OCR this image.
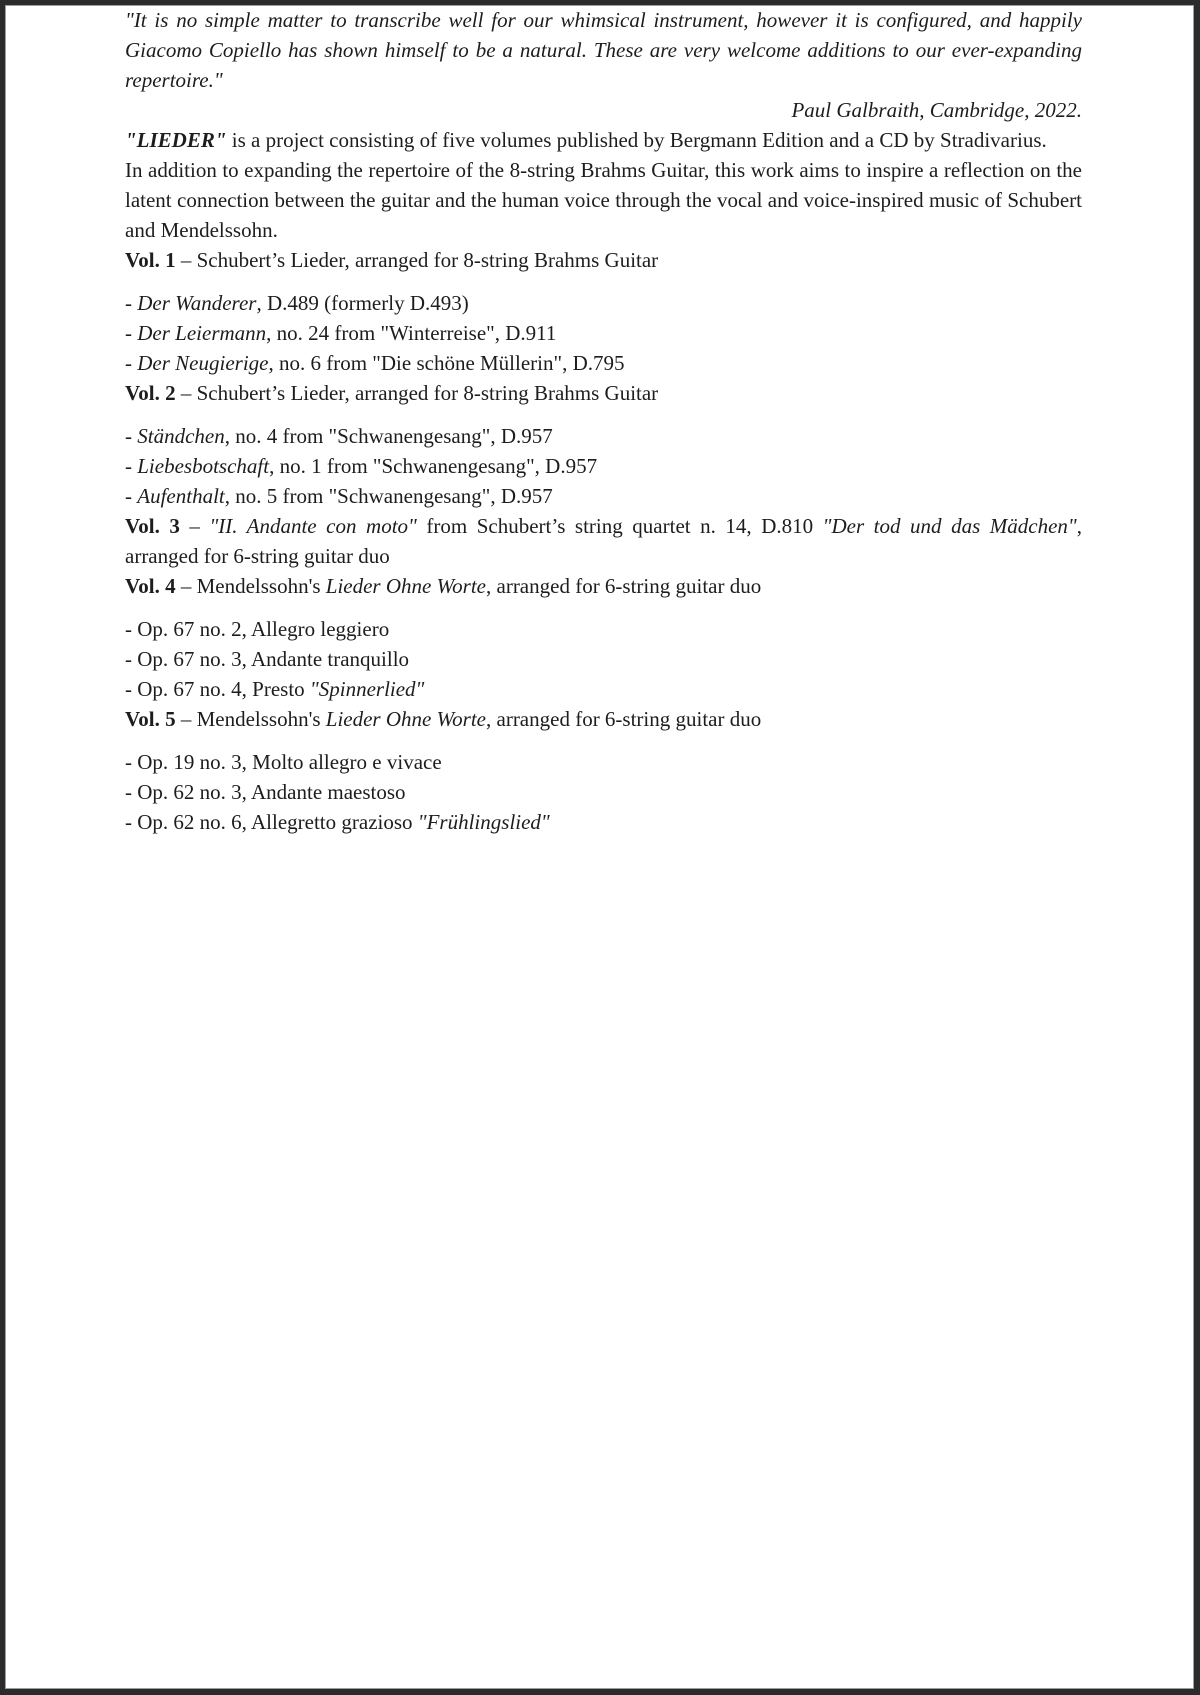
"It is no simple matter to transcribe well for our whimsical instrument, however it is configured, and happily Giacomo Copiello has shown himself to be a natural. These are very welcome additions to our ever-expanding repertoire."

Paul Galbraith, Cambridge, 2022.

"LIEDER" is a project consisting of five volumes published by Bergmann Edition and a CD by Stradivarius.

In addition to expanding the repertoire of the 8-string Brahms Guitar, this work aims to inspire a reflection on the latent connection between the guitar and the human voice through the vocal and voice-inspired music of Schubert and Mendelssohn.

Vol. 1 – Schubert’s Lieder, arranged for 8-string Brahms Guitar

- Der Wanderer, D.489 (formerly D.493)

- Der Leiermann, no. 24 from "Winterreise", D.911

- Der Neugierige, no. 6 from "Die schöne Müllerin", D.795

Vol. 2 – Schubert’s Lieder, arranged for 8-string Brahms Guitar

- Ständchen, no. 4 from "Schwanengesang", D.957

- Liebesbotschaft, no. 1 from "Schwanengesang", D.957

- Aufenthalt, no. 5 from "Schwanengesang", D.957

Vol. 3 – "II. Andante con moto" from Schubert’s string quartet n. 14, D.810 "Der tod und das Mädchen", arranged for 6-string guitar duo

Vol. 4 – Mendelssohn's Lieder Ohne Worte, arranged for 6-string guitar duo

- Op. 67 no. 2, Allegro leggiero

- Op. 67 no. 3, Andante tranquillo

- Op. 67 no. 4, Presto "Spinnerlied"

Vol. 5 – Mendelssohn's Lieder Ohne Worte, arranged for 6-string guitar duo

- Op. 19 no. 3, Molto allegro e vivace

- Op. 62 no. 3, Andante maestoso

- Op. 62 no. 6, Allegretto grazioso "Frühlingslied"
